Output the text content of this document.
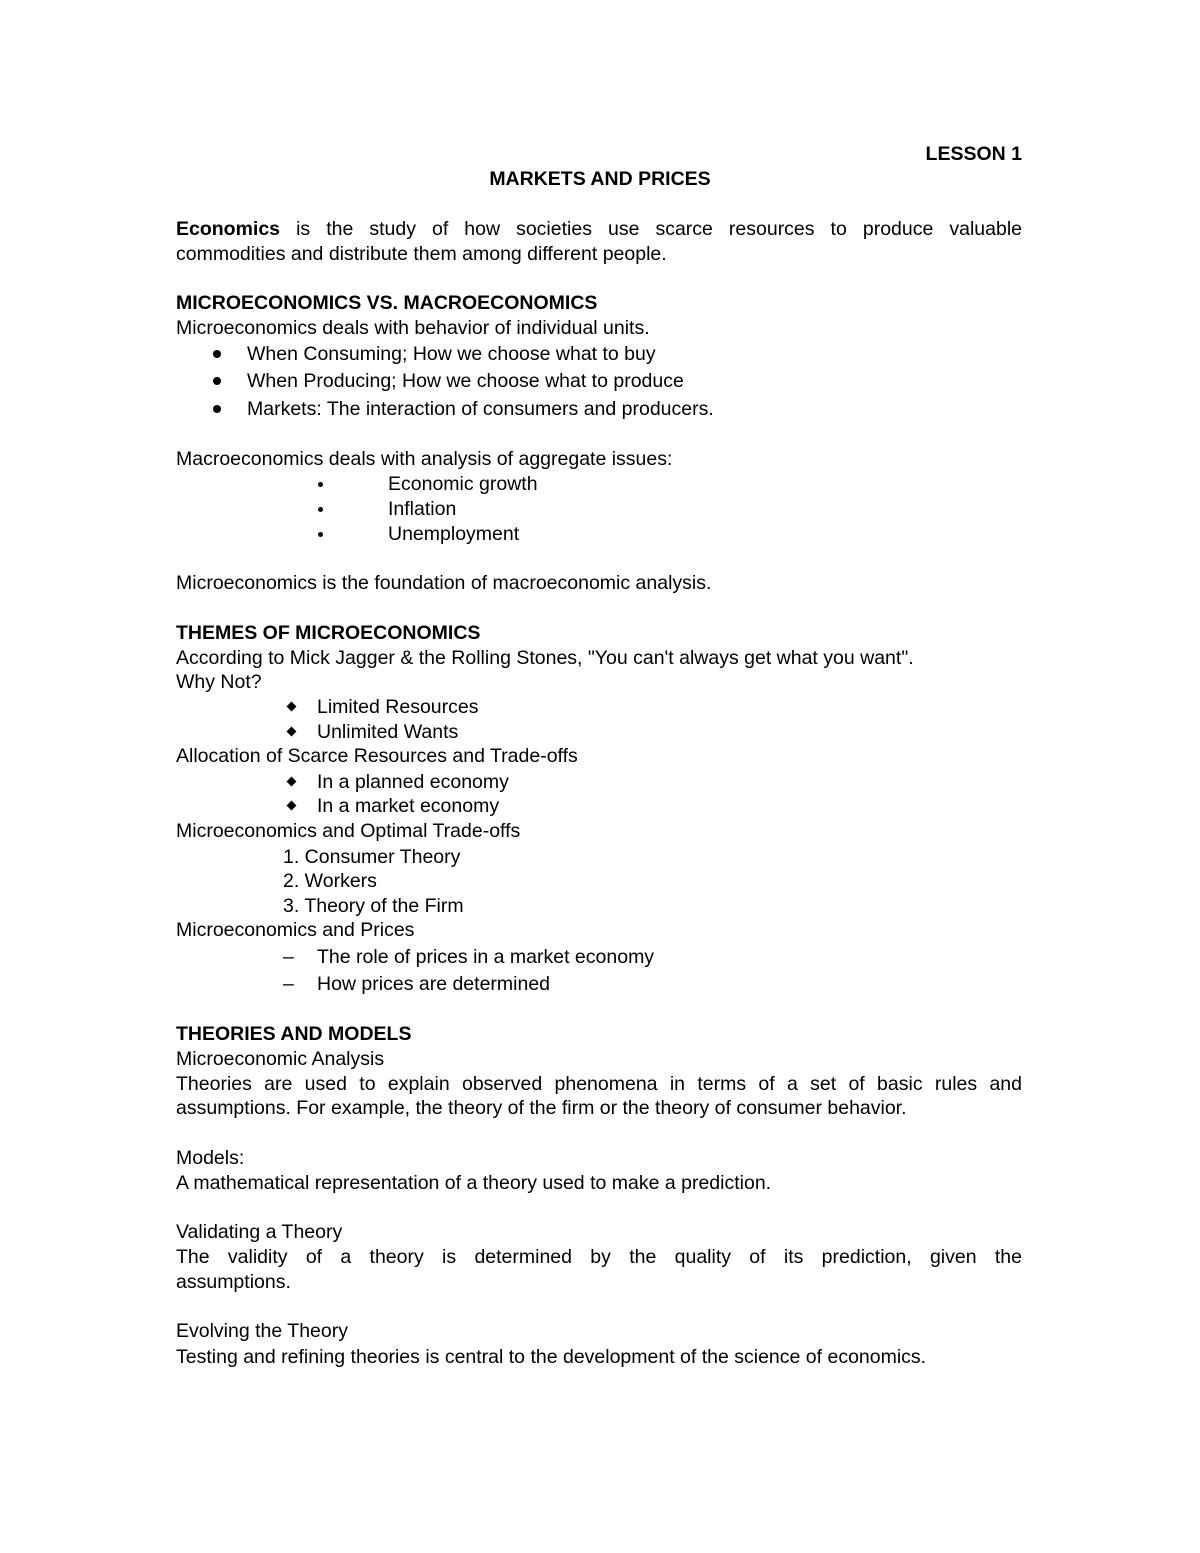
LESSON 1
MARKETS AND PRICES
Economics is the study of how societies use scarce resources to produce valuable
commodities and distribute them among different people.
MICROECONOMICS VS. MACROECONOMICS
Microeconomics deals with behavior of individual units.
When Consuming; How we choose what to buy
When Producing; How we choose what to produce
Markets: The interaction of consumers and producers.
Macroeconomics deals with analysis of aggregate issues:
Economic growth
Inflation
Unemployment
Microeconomics is the foundation of macroeconomic analysis.
THEMES OF MICROECONOMICS
According to Mick Jagger & the Rolling Stones, "You can't always get what you want".
Why Not?
Limited Resources
Unlimited Wants
Allocation of Scarce Resources and Trade-offs
In a planned economy
In a market economy
Microeconomics and Optimal Trade-offs
1. Consumer Theory
2. Workers
3. Theory of the Firm
Microeconomics and Prices
– The role of prices in a market economy
– How prices are determined
THEORIES AND MODELS
Microeconomic Analysis
Theories are used to explain observed phenomena in terms of a set of basic rules and
assumptions. For example, the theory of the firm or the theory of consumer behavior.
Models:
A mathematical representation of a theory used to make a prediction.
Validating a Theory
The validity of a theory is determined by the quality of its prediction, given the
assumptions.
Evolving the Theory
Testing and refining theories is central to the development of the science of economics.
